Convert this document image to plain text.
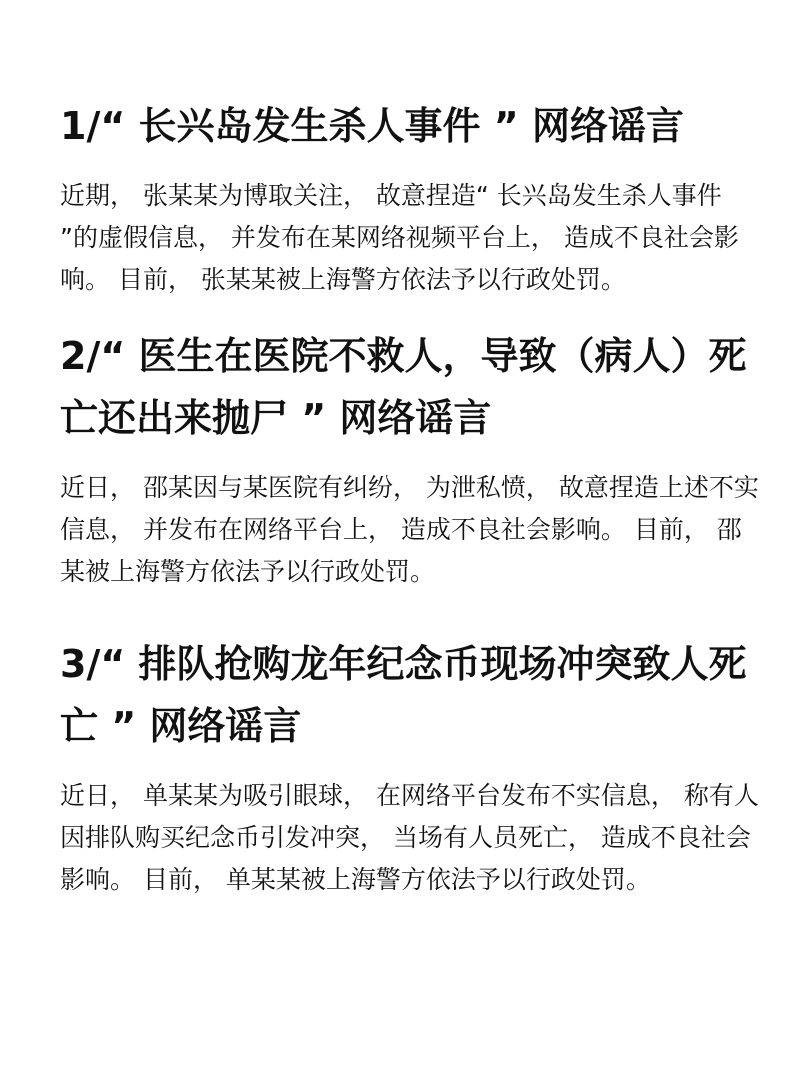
1/“ 长兴岛发生杀人事件 ” 网络谣言

近期， 张某某为博取关注， 故意捏造“ 长兴岛发生杀人事件 ”的虚假信息， 并发布在某网络视频平台上， 造成不良社会影响。 目前， 张某某被上海警方依法予以行政处罚。

2/“ 医生在医院不救人，导致（病人）死亡还出来抛尸 ” 网络谣言

近日， 邵某因与某医院有纠纷， 为泄私愤， 故意捏造上述不实信息， 并发布在网络平台上， 造成不良社会影响。 目前， 邵某被上海警方依法予以行政处罚。

3/“ 排队抢购龙年纪念币现场冲突致人死亡 ” 网络谣言

近日， 单某某为吸引眼球， 在网络平台发布不实信息， 称有人因排队购买纪念币引发冲突， 当场有人员死亡， 造成不良社会影响。 目前， 单某某被上海警方依法予以行政处罚。
